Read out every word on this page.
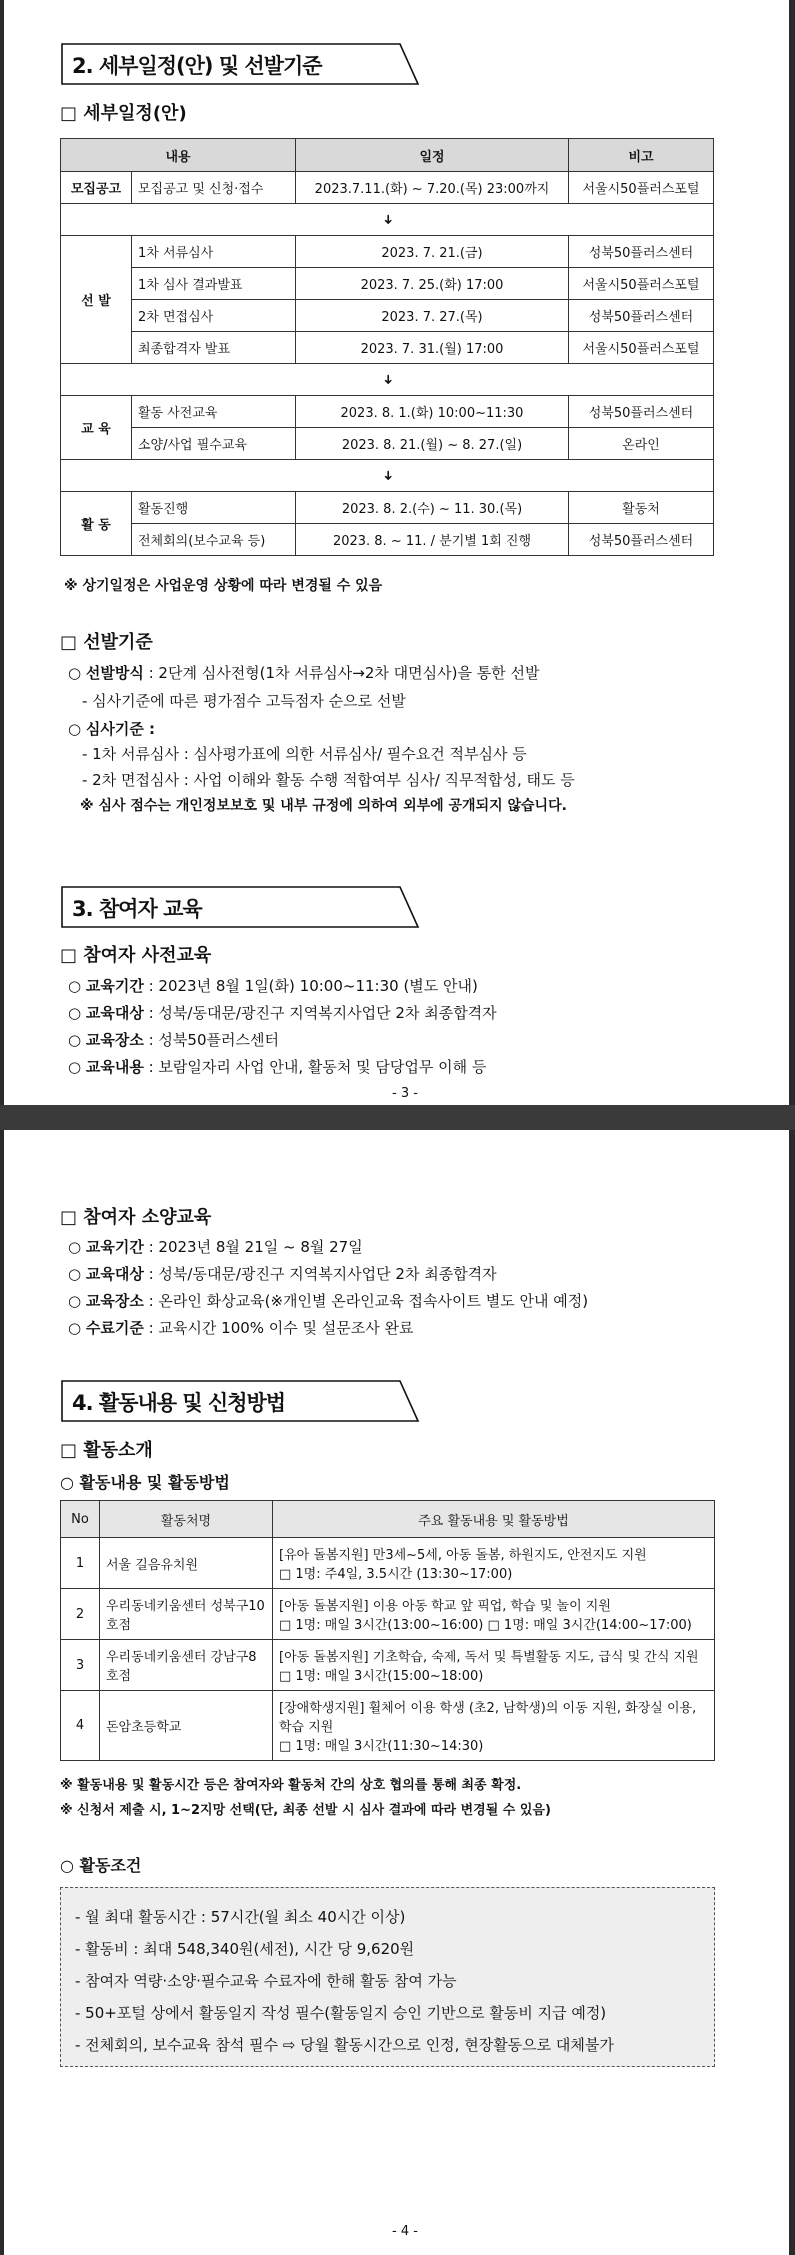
2. 세부일정(안) 및 선발기준
□ 세부일정(안)
내용		일정	비고
모집공고	모집공고 및 신청·접수	2023.7.11.(화) ~ 7.20.(목) 23:00까지	서울시50플러스포털
➜			
선 발	1차 서류심사	2023. 7. 21.(금)	성북50플러스센터
	1차 심사 결과발표	2023. 7. 25.(화) 17:00	서울시50플러스포털
	2차 면접심사	2023. 7. 27.(목)	성북50플러스센터
	최종합격자 발표	2023. 7. 31.(월) 17:00	서울시50플러스포털
➜			
교 육	활동 사전교육	2023. 8. 1.(화) 10:00~11:30	성북50플러스센터
	소양/사업 필수교육	2023. 8. 21.(월) ~ 8. 27.(일)	온라인
➜			
활 동	활동진행	2023. 8. 2.(수) ~ 11. 30.(목)	활동처
	전체회의(보수교육 등)	2023. 8. ~ 11. / 분기별 1회 진행	성북50플러스센터
※ 상기일정은 사업운영 상황에 따라 변경될 수 있음
□ 선발기준
○ 선발방식 : 2단계 심사전형(1차 서류심사→2차 대면심사)을 통한 선발
- 심사기준에 따른 평가점수 고득점자 순으로 선발
○ 심사기준 :
- 1차 서류심사 : 심사평가표에 의한 서류심사/ 필수요건 적부심사 등
- 2차 면접심사 : 사업 이해와 활동 수행 적합여부 심사/ 직무적합성, 태도 등
※ 심사 점수는 개인정보보호 및 내부 규정에 의하여 외부에 공개되지 않습니다.
3. 참여자 교육
□ 참여자 사전교육
○ 교육기간 : 2023년 8월 1일(화) 10:00~11:30 (별도 안내)
○ 교육대상 : 성북/동대문/광진구 지역복지사업단 2차 최종합격자
○ 교육장소 : 성북50플러스센터
○ 교육내용 : 보람일자리 사업 안내, 활동처 및 담당업무 이해 등
- 3 -
□ 참여자 소양교육
○ 교육기간 : 2023년 8월 21일 ~ 8월 27일
○ 교육대상 : 성북/동대문/광진구 지역복지사업단 2차 최종합격자
○ 교육장소 : 온라인 화상교육(※개인별 온라인교육 접속사이트 별도 안내 예정)
○ 수료기준 : 교육시간 100% 이수 및 설문조사 완료
4. 활동내용 및 신청방법
□ 활동소개
○ 활동내용 및 활동방법
No	활동처명	주요 활동내용 및 활동방법
1	서울 길음유치원	[유아 돌봄지원] 만3세~5세, 아동 돌봄, 하원지도, 안전지도 지원
□ 1명: 주4일, 3.5시간 (13:30~17:00)

2	우리동네키움센터 성북구10호점	[아동 돌봄지원] 이용 아동 학교 앞 픽업, 학습 및 놀이 지원
□ 1명: 매일 3시간(13:00~16:00) □ 1명: 매일 3시간(14:00~17:00)

3	우리동네키움센터 강남구8호점	[아동 돌봄지원] 기초학습, 숙제, 독서 및 특별활동 지도, 급식 및 간식 지원
□ 1명: 매일 3시간(15:00~18:00)

4	돈암초등학교	[장애학생지원] 휠체어 이용 학생 (초2, 남학생)의 이동 지원, 화장실 이용, 학습 지원
□ 1명: 매일 3시간(11:30~14:30)
※ 활동내용 및 활동시간 등은 참여자와 활동처 간의 상호 협의를 통해 최종 확정.
※ 신청서 제출 시, 1~2지망 선택(단, 최종 선발 시 심사 결과에 따라 변경될 수 있음)
○ 활동조건
- 월 최대 활동시간 : 57시간(월 최소 40시간 이상)
- 활동비 : 최대 548,340원(세전), 시간 당 9,620원
- 참여자 역량·소양·필수교육 수료자에 한해 활동 참여 가능
- 50+포털 상에서 활동일지 작성 필수(활동일지 승인 기반으로 활동비 지급 예정)
- 전체회의, 보수교육 참석 필수 ⇨ 당월 활동시간으로 인정, 현장활동으로 대체불가
- 4 -
